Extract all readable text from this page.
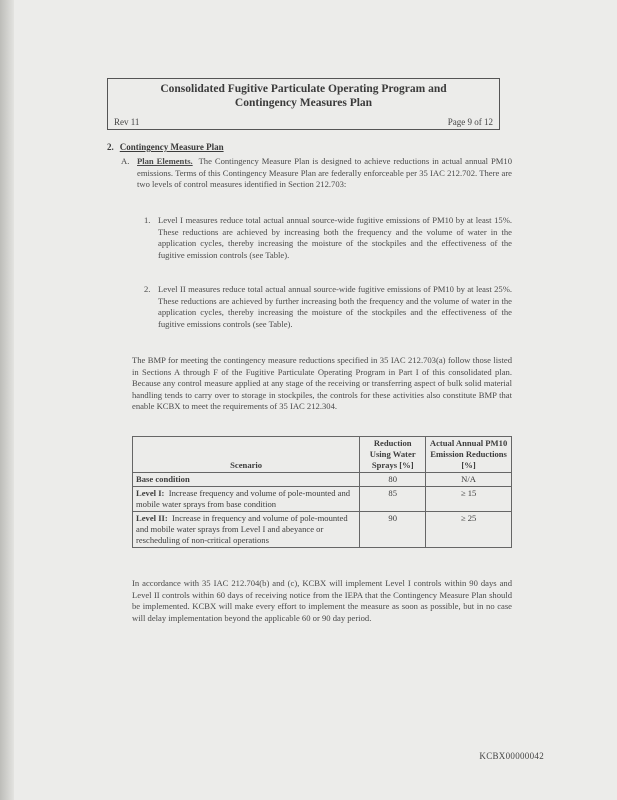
Consolidated Fugitive Particulate Operating Program and
Contingency Measures Plan
Rev 11	Page 9 of 12
2. Contingency Measure Plan
A. Plan Elements. The Contingency Measure Plan is designed to achieve reductions in actual annual PM10 emissions. Terms of this Contingency Measure Plan are federally enforceable per 35 IAC 212.702. There are two levels of control measures identified in Section 212.703:
1. Level I measures reduce total actual annual source-wide fugitive emissions of PM10 by at least 15%. These reductions are achieved by increasing both the frequency and the volume of water in the application cycles, thereby increasing the moisture of the stockpiles and the effectiveness of the fugitive emission controls (see Table).
2. Level II measures reduce total actual annual source-wide fugitive emissions of PM10 by at least 25%. These reductions are achieved by further increasing both the frequency and the volume of water in the application cycles, thereby increasing the moisture of the stockpiles and the effectiveness of the fugitive emissions controls (see Table).
The BMP for meeting the contingency measure reductions specified in 35 IAC 212.703(a) follow those listed in Sections A through F of the Fugitive Particulate Operating Program in Part I of this consolidated plan. Because any control measure applied at any stage of the receiving or transferring aspect of bulk solid material handling tends to carry over to storage in stockpiles, the controls for these activities also constitute BMP that enable KCBX to meet the requirements of 35 IAC 212.304.
Scenario	Reduction Using Water Sprays [%]	Actual Annual PM10 Emission Reductions [%]
Base condition	80	N/A
Level I: Increase frequency and volume of pole-mounted and mobile water sprays from base condition	85	≥ 15
Level II: Increase in frequency and volume of pole-mounted and mobile water sprays from Level I and abeyance or rescheduling of non-critical operations	90	≥ 25
In accordance with 35 IAC 212.704(b) and (c), KCBX will implement Level I controls within 90 days and Level II controls within 60 days of receiving notice from the IEPA that the Contingency Measure Plan should be implemented. KCBX will make every effort to implement the measure as soon as possible, but in no case will delay implementation beyond the applicable 60 or 90 day period.
KCBX00000042
